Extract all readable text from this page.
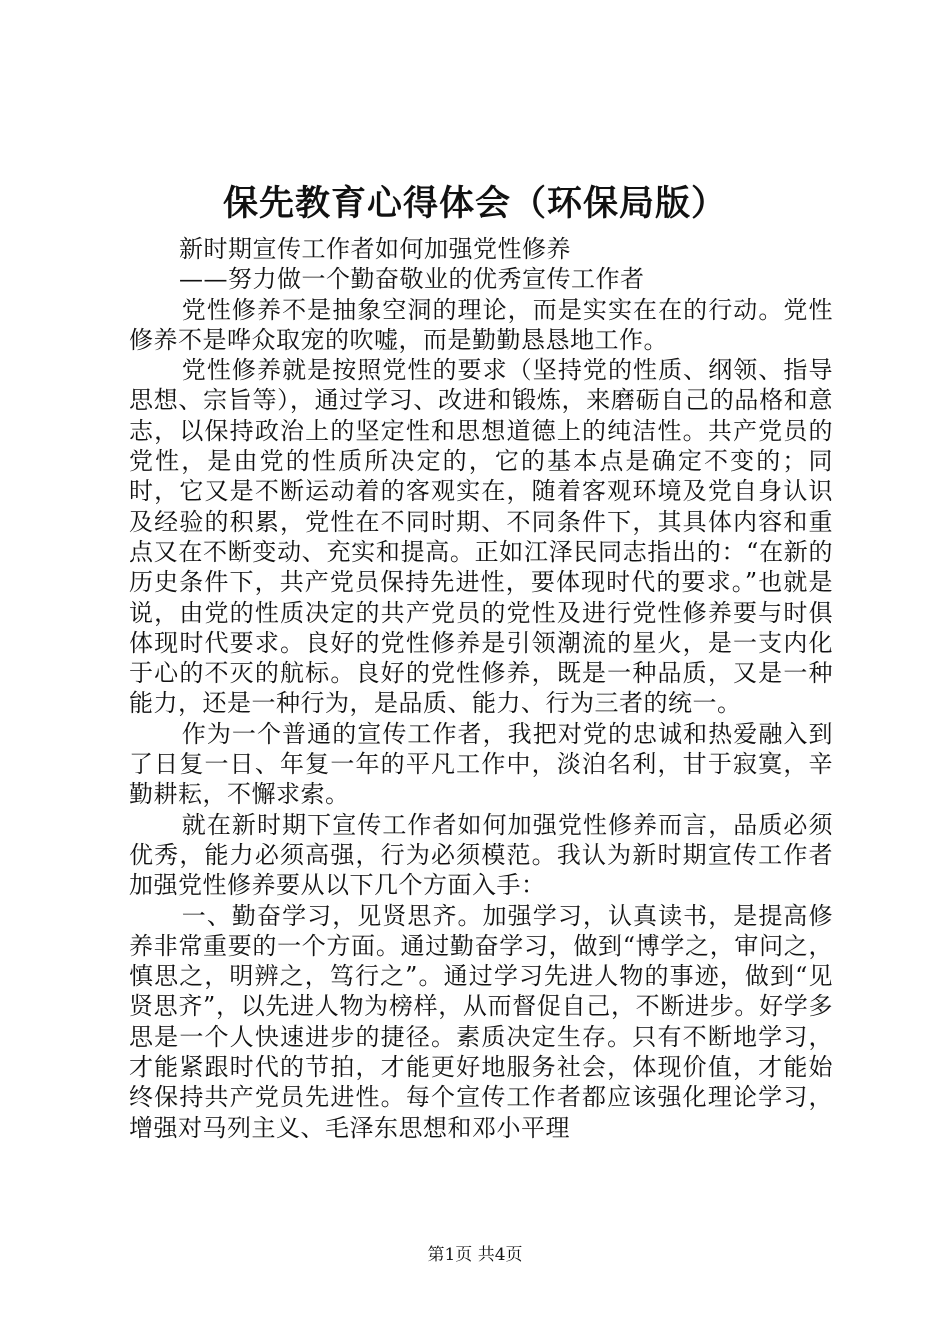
保先教育心得体会（环保局版）

新时期宣传工作者如何加强党性修养

——努力做一个勤奋敬业的优秀宣传工作者

党性修养不是抽象空洞的理论，而是实实在在的行动。党性修养不是哗众取宠的吹嘘，而是勤勤恳恳地工作。

党性修养就是按照党性的要求（坚持党的性质、纲领、指导思想、宗旨等），通过学习、改进和锻炼，来磨砺自己的品格和意志，以保持政治上的坚定性和思想道德上的纯洁性。共产党员的党性，是由党的性质所决定的，它的基本点是确定不变的；同时，它又是不断运动着的客观实在，随着客观环境及党自身认识及经验的积累，党性在不同时期、不同条件下，其具体内容和重点又在不断变动、充实和提高。正如江泽民同志指出的：“在新的历史条件下，共产党员保持先进性，要体现时代的要求。”也就是说，由党的性质决定的共产党员的党性及进行党性修养要与时俱体现时代要求。良好的党性修养是引领潮流的星火，是一支内化于心的不灭的航标。良好的党性修养，既是一种品质，又是一种能力，还是一种行为，是品质、能力、行为三者的统一。

作为一个普通的宣传工作者，我把对党的忠诚和热爱融入到了日复一日、年复一年的平凡工作中，淡泊名利，甘于寂寞，辛勤耕耘，不懈求索。

就在新时期下宣传工作者如何加强党性修养而言，品质必须优秀，能力必须高强，行为必须模范。我认为新时期宣传工作者加强党性修养要从以下几个方面入手：

一、勤奋学习，见贤思齐。加强学习，认真读书，是提高修养非常重要的一个方面。通过勤奋学习，做到“博学之，审问之，慎思之，明辨之，笃行之”。通过学习先进人物的事迹，做到“见贤思齐”，以先进人物为榜样，从而督促自己，不断进步。好学多思是一个人快速进步的捷径。素质决定生存。只有不断地学习，才能紧跟时代的节拍，才能更好地服务社会，体现价值，才能始终保持共产党员先进性。每个宣传工作者都应该强化理论学习，增强对马列主义、毛泽东思想和邓小平理

第1页 共4页
